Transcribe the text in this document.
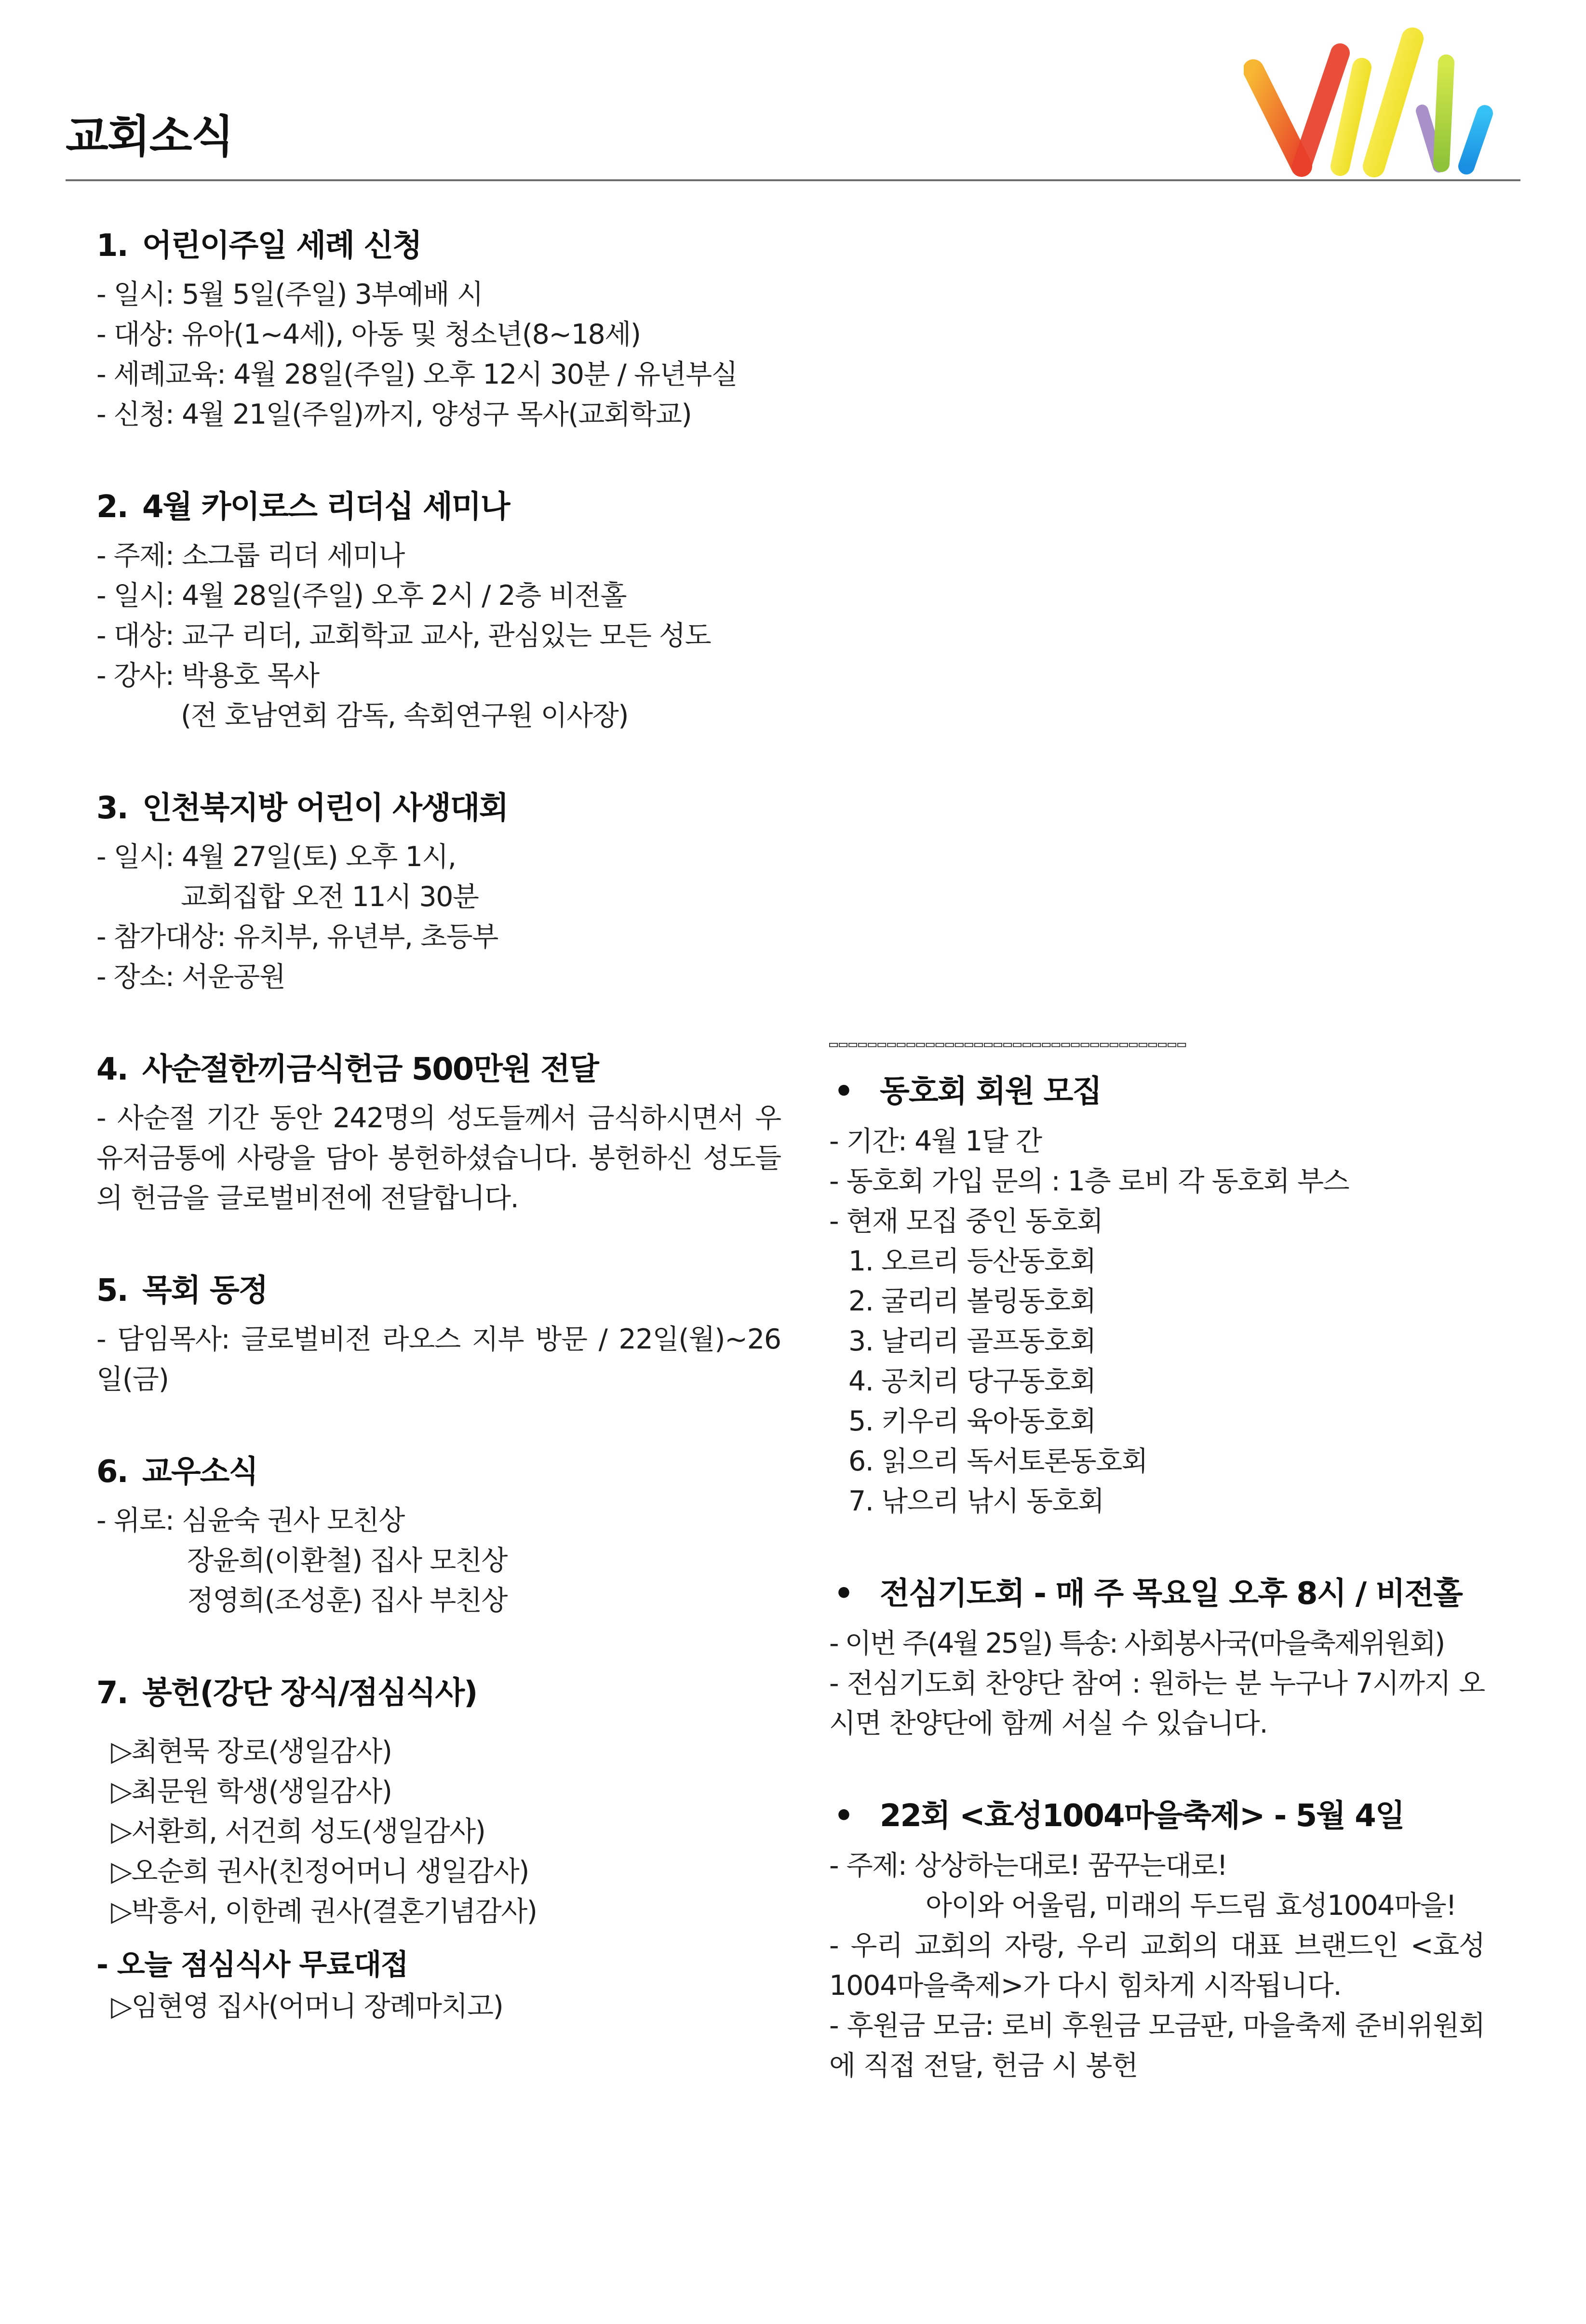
교회소식
1. 어린이주일 세례 신청
- 일시: 5월 5일(주일) 3부예배 시
- 대상: 유아(1~4세), 아동 및 청소년(8~18세)
- 세례교육: 4월 28일(주일) 오후 12시 30분 / 유년부실
- 신청: 4월 21일(주일)까지, 양성구 목사(교회학교)
2. 4월 카이로스 리더십 세미나
- 주제: 소그룹 리더 세미나
- 일시: 4월 28일(주일) 오후 2시 / 2층 비전홀
- 대상: 교구 리더, 교회학교 교사, 관심있는 모든 성도
- 강사: 박용호 목사
(전 호남연회 감독, 속회연구원 이사장)
3. 인천북지방 어린이 사생대회
- 일시: 4월 27일(토) 오후 1시,
교회집합 오전 11시 30분
- 참가대상: 유치부, 유년부, 초등부
- 장소: 서운공원
4. 사순절한끼금식헌금 500만원 전달
- 사순절 기간 동안 242명의 성도들께서 금식하시면서 우유저금통에 사랑을 담아 봉헌하셨습니다. 봉헌하신 성도들의 헌금을 글로벌비전에 전달합니다.
5. 목회 동정
- 담임목사: 글로벌비전 라오스 지부 방문 / 22일(월)~26일(금)
6. 교우소식
- 위로: 심윤숙 권사 모친상
장윤희(이환철) 집사 모친상
정영희(조성훈) 집사 부친상
7. 봉헌(강단 장식/점심식사)
▷최현묵 장로(생일감사)
▷최문원 학생(생일감사)
▷서환희, 서건희 성도(생일감사)
▷오순희 권사(친정어머니 생일감사)
▷박흥서, 이한례 권사(결혼기념감사)
- 오늘 점심식사 무료대접
▷임현영 집사(어머니 장례마치고)
▭▭▭▭▭▭▭▭▭▭▭▭▭▭▭▭▭▭▭▭▭▭▭▭▭▭▭▭▭▭▭▭▭▭▭▭▭
• 동호회 회원 모집
- 기간: 4월 1달 간
- 동호회 가입 문의 : 1층 로비 각 동호회 부스
- 현재 모집 중인 동호회
1. 오르리 등산동호회
2. 굴리리 볼링동호회
3. 날리리 골프동호회
4. 공치리 당구동호회
5. 키우리 육아동호회
6. 읽으리 독서토론동호회
7. 낚으리 낚시 동호회
• 전심기도회 - 매 주 목요일 오후 8시 / 비전홀
- 이번 주(4월 25일) 특송: 사회봉사국(마을축제위원회)
- 전심기도회 찬양단 참여 : 원하는 분 누구나 7시까지 오시면 찬양단에 함께 서실 수 있습니다.
• 22회 <효성1004마을축제> - 5월 4일
- 주제: 상상하는대로! 꿈꾸는대로!
아이와 어울림, 미래의 두드림 효성1004마을!
- 우리 교회의 자랑, 우리 교회의 대표 브랜드인 <효성1004마을축제>가 다시 힘차게 시작됩니다.
- 후원금 모금: 로비 후원금 모금판, 마을축제 준비위원회에 직접 전달, 헌금 시 봉헌
